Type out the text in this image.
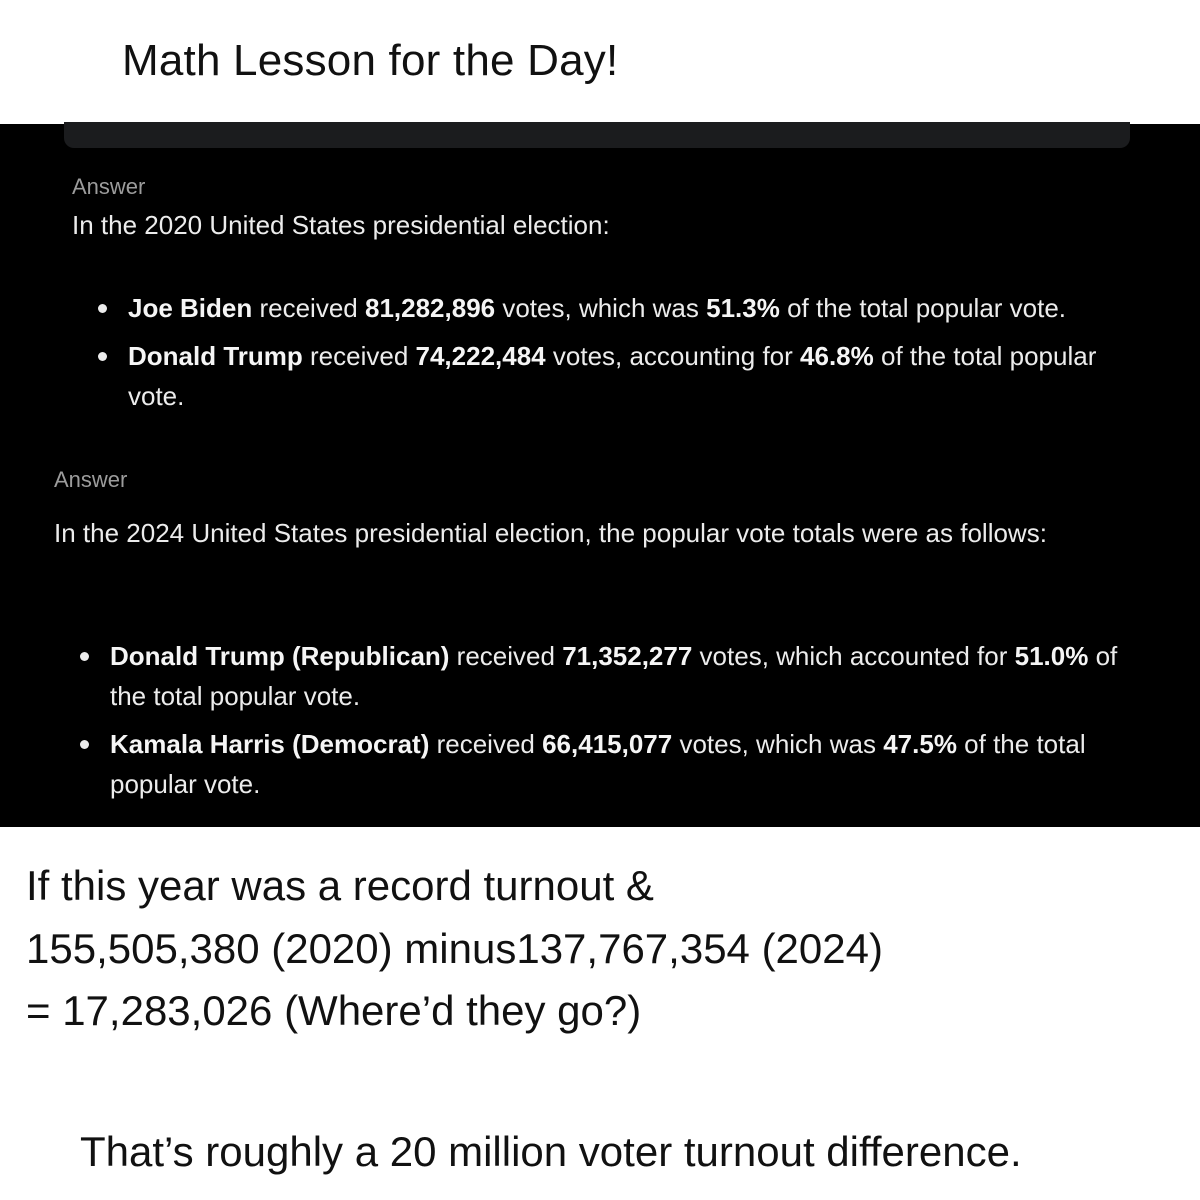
Math Lesson for the Day!
Answer
In the 2020 United States presidential election:
Joe Biden received 81,282,896 votes, which was 51.3% of the total popular vote.
Donald Trump received 74,222,484 votes, accounting for 46.8% of the total popular vote.
Answer
In the 2024 United States presidential election, the popular vote totals were as follows:
Donald Trump (Republican) received 71,352,277 votes, which accounted for 51.0% of the total popular vote.
Kamala Harris (Democrat) received 66,415,077 votes, which was 47.5% of the total popular vote.
If this year was a record turnout &
155,505,380 (2020) minus137,767,354 (2024)
= 17,283,026 (Where’d they go?)
That’s roughly a 20 million voter turnout difference.
